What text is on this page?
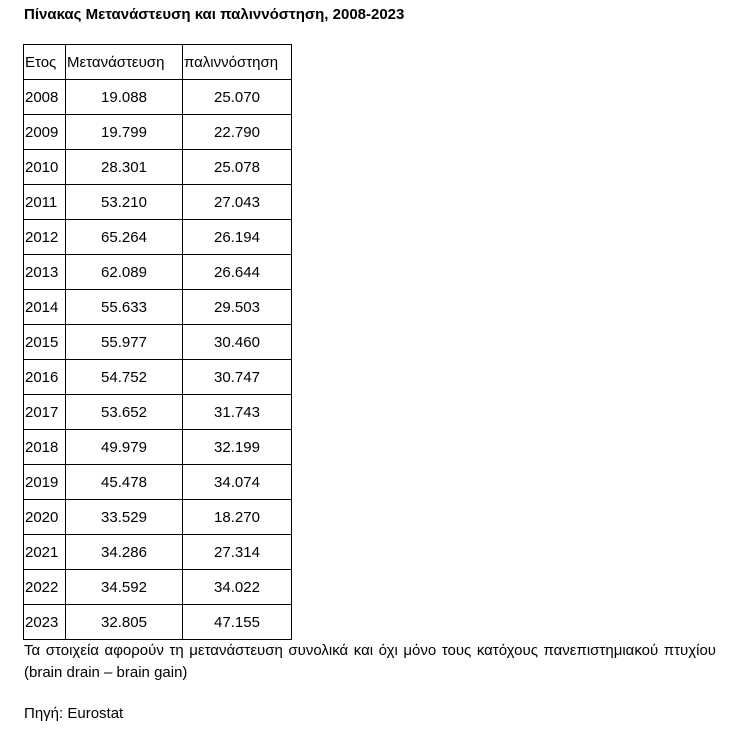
Πίνακας Μετανάστευση και παλιννόστηση, 2008-2023
Ετος	Μετανάστευση	παλιννόστηση
2008	19.088	25.070
2009	19.799	22.790
2010	28.301	25.078
2011	53.210	27.043
2012	65.264	26.194
2013	62.089	26.644
2014	55.633	29.503
2015	55.977	30.460
2016	54.752	30.747
2017	53.652	31.743
2018	49.979	32.199
2019	45.478	34.074
2020	33.529	18.270
2021	34.286	27.314
2022	34.592	34.022
2023	32.805	47.155
Τα στοιχεία αφορούν τη μετανάστευση συνολικά και όχι μόνο τους κατόχους πανεπιστημιακού πτυχίου (brain drain – brain gain)
Πηγή: Eurostat
